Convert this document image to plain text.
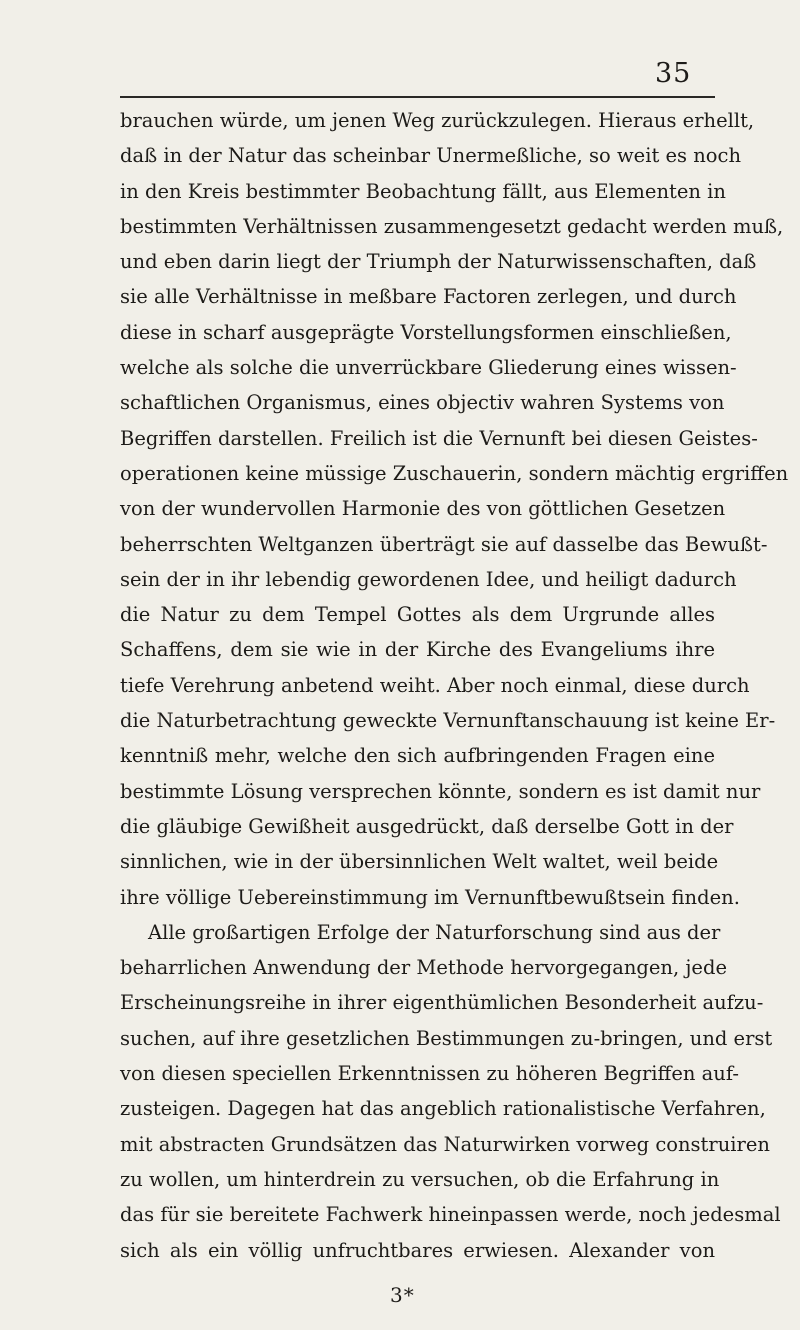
35
brauchen würde, um jenen Weg zurückzulegen. Hieraus erhellt,
daß in der Natur das scheinbar Unermeßliche, so weit es noch
in den Kreis bestimmter Beobachtung fällt, aus Elementen in
bestimmten Verhältnissen zusammengesetzt gedacht werden muß,
und eben darin liegt der Triumph der Naturwissenschaften, daß
sie alle Verhältnisse in meßbare Factoren zerlegen, und durch
diese in scharf ausgeprägte Vorstellungsformen einschließen,
welche als solche die unverrückbare Gliederung eines wissen-
schaftlichen Organismus, eines objectiv wahren Systems von
Begriffen darstellen. Freilich ist die Vernunft bei diesen Geistes-
operationen keine müssige Zuschauerin, sondern mächtig ergriffen
von der wundervollen Harmonie des von göttlichen Gesetzen
beherrschten Weltganzen überträgt sie auf dasselbe das Bewußt-
sein der in ihr lebendig gewordenen Idee, und heiligt dadurch
die Natur zu dem Tempel Gottes als dem Urgrunde alles
Schaffens, dem sie wie in der Kirche des Evangeliums ihre
tiefe Verehrung anbetend weiht. Aber noch einmal, diese durch
die Naturbetrachtung geweckte Vernunftanschauung ist keine Er-
kenntniß mehr, welche den sich aufbringenden Fragen eine
bestimmte Lösung versprechen könnte, sondern es ist damit nur
die gläubige Gewißheit ausgedrückt, daß derselbe Gott in der
sinnlichen, wie in der übersinnlichen Welt waltet, weil beide
ihre völlige Uebereinstimmung im Vernunftbewußtsein finden.
Alle großartigen Erfolge der Naturforschung sind aus der
beharrlichen Anwendung der Methode hervorgegangen, jede
Erscheinungsreihe in ihrer eigenthümlichen Besonderheit aufzu-
suchen, auf ihre gesetzlichen Bestimmungen zu-bringen, und erst
von diesen speciellen Erkenntnissen zu höheren Begriffen auf-
zusteigen. Dagegen hat das angeblich rationalistische Verfahren,
mit abstracten Grundsätzen das Naturwirken vorweg construiren
zu wollen, um hinterdrein zu versuchen, ob die Erfahrung in
das für sie bereitete Fachwerk hineinpassen werde, noch jedesmal
sich als ein völlig unfruchtbares erwiesen. Alexander von
3*
